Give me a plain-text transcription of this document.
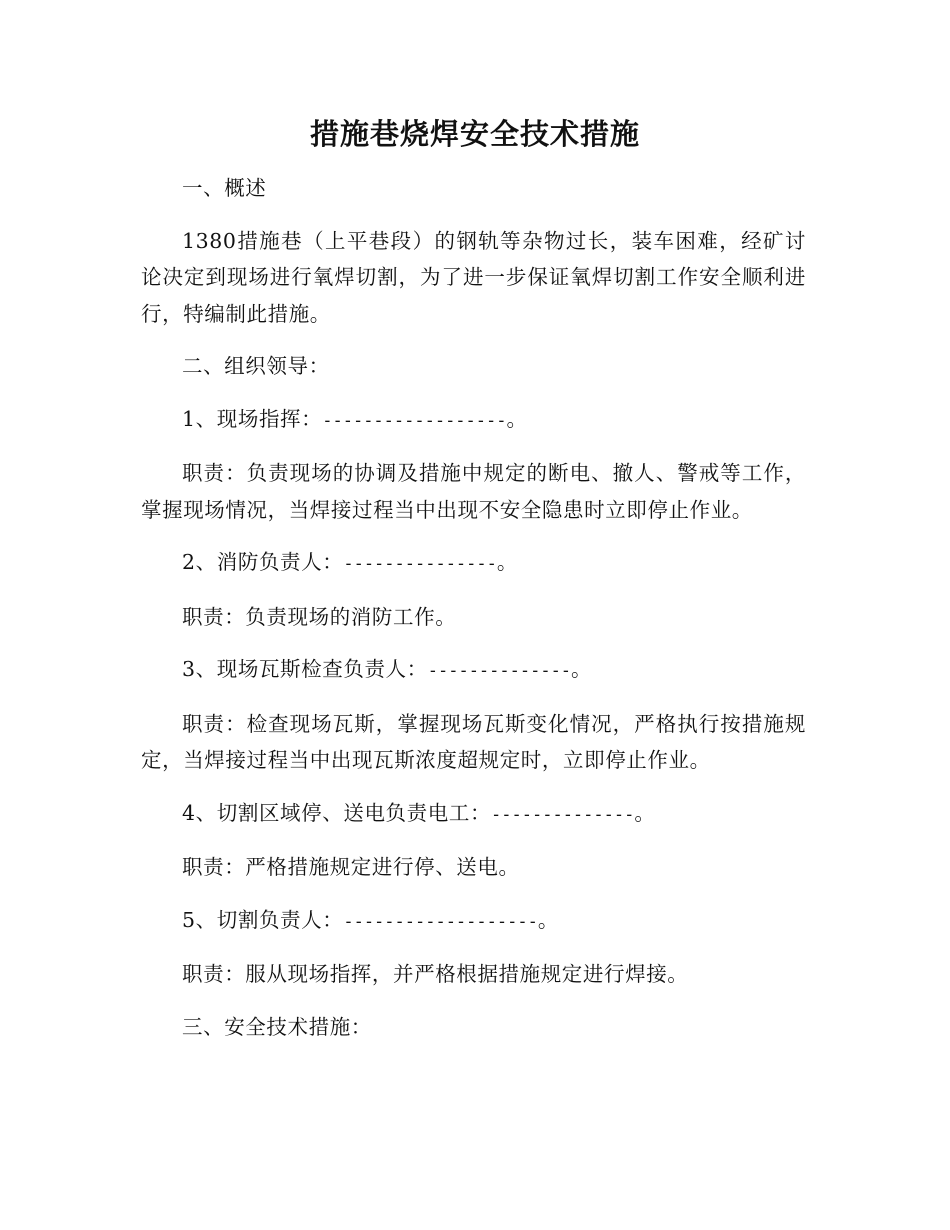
措施巷烧焊安全技术措施

一、概述

1380措施巷（上平巷段）的钢轨等杂物过长，装车困难，经矿讨论决定到现场进行氧焊切割，为了进一步保证氧焊切割工作安全顺利进行，特编制此措施。

二、组织领导：

1、现场指挥：------------------。

职责：负责现场的协调及措施中规定的断电、撤人、警戒等工作，掌握现场情况，当焊接过程当中出现不安全隐患时立即停止作业。

2、消防负责人：---------------。

职责：负责现场的消防工作。

3、现场瓦斯检查负责人：--------------。

职责：检查现场瓦斯，掌握现场瓦斯变化情况，严格执行按措施规定，当焊接过程当中出现瓦斯浓度超规定时，立即停止作业。

4、切割区域停、送电负责电工：--------------。

职责：严格措施规定进行停、送电。

5、切割负责人：-------------------。

职责：服从现场指挥，并严格根据措施规定进行焊接。

三、安全技术措施：
